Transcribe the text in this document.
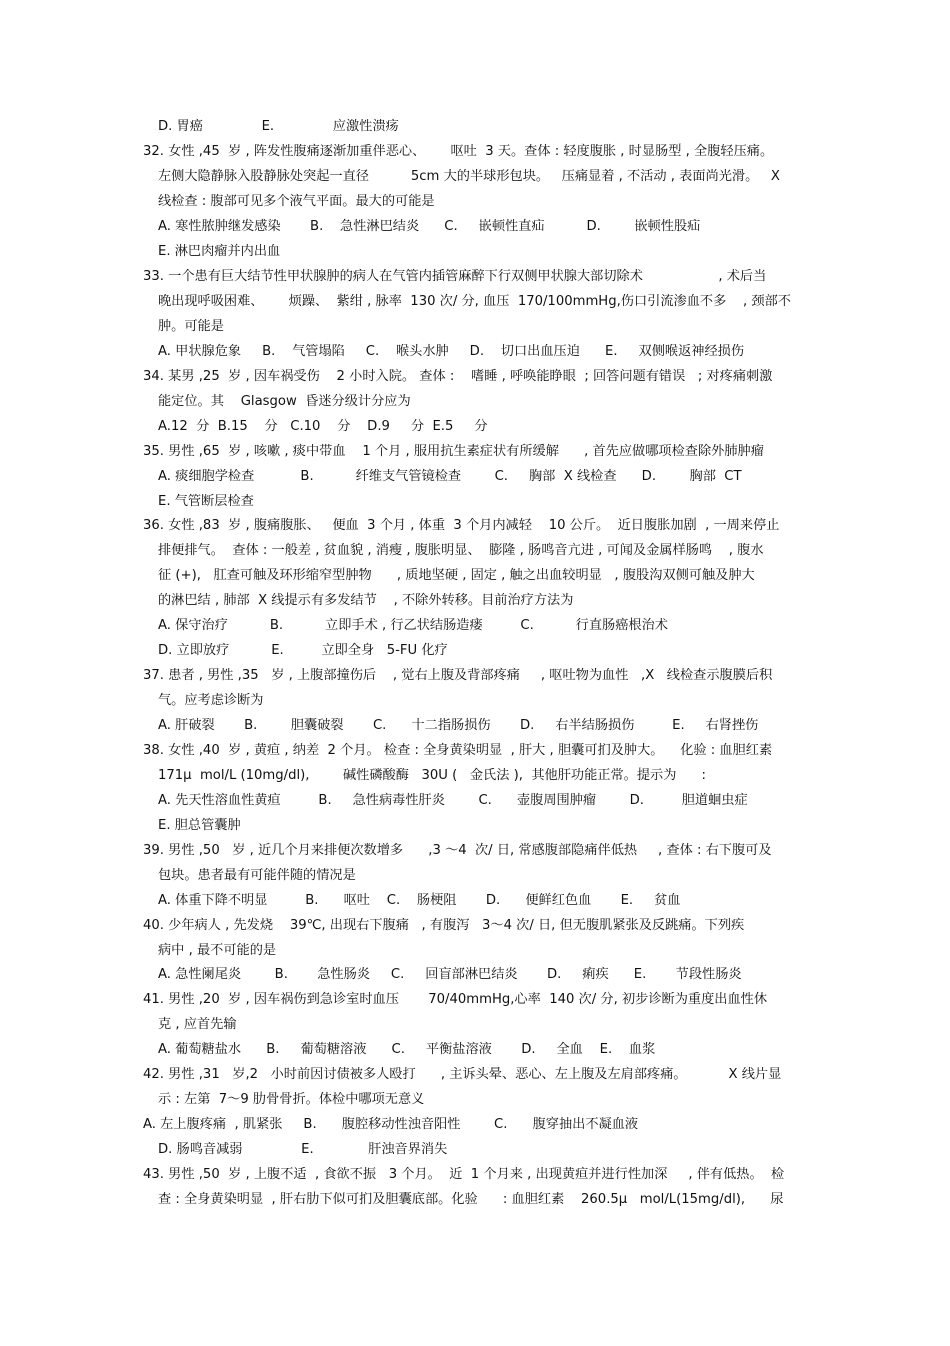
D. 胃癌              E.              应激性溃疡
32. 女性 ,45  岁 , 阵发性腹痛逐渐加重伴恶心、      呕吐  3 天。查体 : 轻度腹胀 , 时显肠型 , 全腹轻压痛。
左侧大隐静脉入股静脉处突起一直径          5cm 大的半球形包块。   压痛显着 , 不活动 , 表面尚光滑。   X
线检查 : 腹部可见多个液气平面。最大的可能是
A. 寒性脓肿继发感染       B.    急性淋巴结炎      C.     嵌顿性直疝          D.        嵌顿性股疝
E. 淋巴肉瘤并内出血
33. 一个患有巨大结节性甲状腺肿的病人在气管内插管麻醉下行双侧甲状腺大部切除术                  , 术后当
晚出现呼吸困难、      烦躁、  紫绀 , 脉率  130 次/ 分, 血压  170/100mmHg,伤口引流渗血不多    , 颈部不
肿。可能是
A. 甲状腺危象     B.    气管塌陷     C.    喉头水肿     D.    切口出血压迫      E.     双侧喉返神经损伤
34. 某男 ,25  岁 , 因车祸受伤    2 小时入院。 查体 :    嗜睡 , 呼唤能睁眼  ; 回答问题有错误   ; 对疼痛刺激
能定位。其    Glasgow  昏迷分级计分应为
A.12  分  B.15    分   C.10    分    D.9     分  E.5     分
35. 男性 ,65  岁 , 咳嗽 , 痰中带血    1 个月 , 服用抗生素症状有所缓解      , 首先应做哪项检查除外肺肿瘤
A. 痰细胞学检查           B.          纤维支气管镜检查        C.     胸部  X 线检查      D.        胸部  CT
E. 气管断层检查
36. 女性 ,83  岁 , 腹痛腹胀、   便血  3 个月 , 体重  3 个月内减轻    10 公斤。  近日腹胀加剧  , 一周来停止
排便排气。  查体 : 一般差 , 贫血貌 , 消瘦 , 腹胀明显、  膨隆 , 肠鸣音亢进 , 可闻及金属样肠鸣    , 腹水
征 (+),   肛查可触及环形缩窄型肿物      , 质地坚硬 , 固定 , 触之出血较明显   , 腹股沟双侧可触及肿大
的淋巴结 , 肺部  X 线提示有多发结节    , 不除外转移。目前治疗方法为
A. 保守治疗          B.          立即手术 , 行乙状结肠造瘘         C.          行直肠癌根治术
D. 立即放疗          E.         立即全身   5-FU 化疗
37. 患者 , 男性 ,35   岁 , 上腹部撞伤后    , 觉右上腹及背部疼痛     , 呕吐物为血性   ,X   线检查示腹膜后积
气。应考虑诊断为
A. 肝破裂       B.        胆囊破裂       C.      十二指肠损伤       D.     右半结肠损伤         E.     右肾挫伤
38. 女性 ,40  岁 , 黄疸 , 纳差  2 个月。 检查 : 全身黄染明显  , 肝大 , 胆囊可扪及肿大。    化验 : 血胆红素
171μ  mol/L (10mg/dl),        碱性磷酸酶   30U (   金氏法 ),  其他肝功能正常。提示为      :
A. 先天性溶血性黄疸         B.     急性病毒性肝炎        C.      壶腹周围肿瘤        D.         胆道蛔虫症
E. 胆总管囊肿
39. 男性 ,50   岁 , 近几个月来排便次数增多      ,3 ～4  次/ 日, 常感腹部隐痛伴低热     , 查体 : 右下腹可及
包块。患者最有可能伴随的情况是
A. 体重下降不明显         B.      呕吐    C.    肠梗阻       D.      便鲜红色血       E.     贫血
40. 少年病人 , 先发烧    39℃, 出现右下腹痛   , 有腹泻   3～4 次/ 日, 但无腹肌紧张及反跳痛。下列疾
病中 , 最不可能的是
A. 急性阑尾炎        B.       急性肠炎     C.     回盲部淋巴结炎       D.     痢疾      E.       节段性肠炎
41. 男性 ,20  岁 , 因车祸伤到急诊室时血压       70/40mmHg,心率  140 次/ 分, 初步诊断为重度出血性休
克 , 应首先输
A. 葡萄糖盐水      B.     葡萄糖溶液      C.     平衡盐溶液       D.     全血    E.    血浆
42. 男性 ,31   岁,2   小时前因讨债被多人殴打      , 主诉头晕、恶心、左上腹及左肩部疼痛。          X 线片显
示 : 左第  7～9 肋骨骨折。体检中哪项无意义
A. 左上腹疼痛  , 肌紧张     B.      腹腔移动性浊音阳性        C.      腹穿抽出不凝血液
D. 肠鸣音减弱              E.             肝浊音界消失
43. 男性 ,50  岁 , 上腹不适  , 食欲不振   3 个月。  近  1 个月来 , 出现黄疸并进行性加深     , 伴有低热。  检
查 : 全身黄染明显  , 肝右肋下似可扪及胆囊底部。化验      : 血胆红素    260.5μ   mol/L(15mg/dl),      尿
